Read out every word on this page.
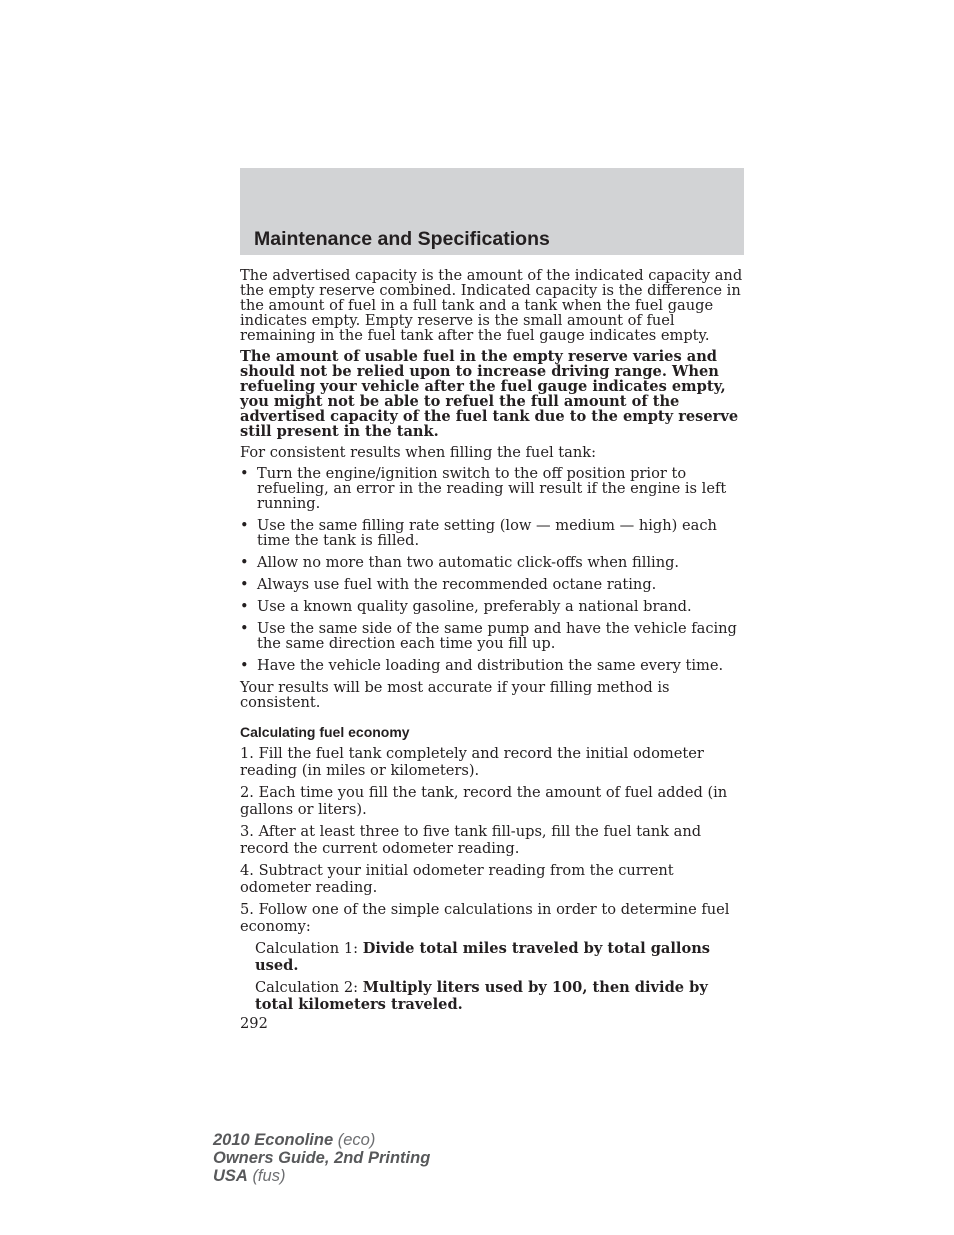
Maintenance and Specifications

The advertised capacity is the amount of the indicated capacity and the empty reserve combined. Indicated capacity is the difference in the amount of fuel in a full tank and a tank when the fuel gauge indicates empty. Empty reserve is the small amount of fuel remaining in the fuel tank after the fuel gauge indicates empty.

The amount of usable fuel in the empty reserve varies and should not be relied upon to increase driving range. When refueling your vehicle after the fuel gauge indicates empty, you might not be able to refuel the full amount of the advertised capacity of the fuel tank due to the empty reserve still present in the tank.

For consistent results when filling the fuel tank:

• Turn the engine/ignition switch to the off position prior to refueling, an error in the reading will result if the engine is left running.
• Use the same filling rate setting (low — medium — high) each time the tank is filled.
• Allow no more than two automatic click-offs when filling.
• Always use fuel with the recommended octane rating.
• Use a known quality gasoline, preferably a national brand.
• Use the same side of the same pump and have the vehicle facing the same direction each time you fill up.
• Have the vehicle loading and distribution the same every time.

Your results will be most accurate if your filling method is consistent.

Calculating fuel economy

1. Fill the fuel tank completely and record the initial odometer reading (in miles or kilometers).

2. Each time you fill the tank, record the amount of fuel added (in gallons or liters).

3. After at least three to five tank fill-ups, fill the fuel tank and record the current odometer reading.

4. Subtract your initial odometer reading from the current odometer reading.

5. Follow one of the simple calculations in order to determine fuel economy:

Calculation 1: Divide total miles traveled by total gallons used.

Calculation 2: Multiply liters used by 100, then divide by total kilometers traveled.

292

2010 Econoline (eco)
Owners Guide, 2nd Printing
USA (fus)
